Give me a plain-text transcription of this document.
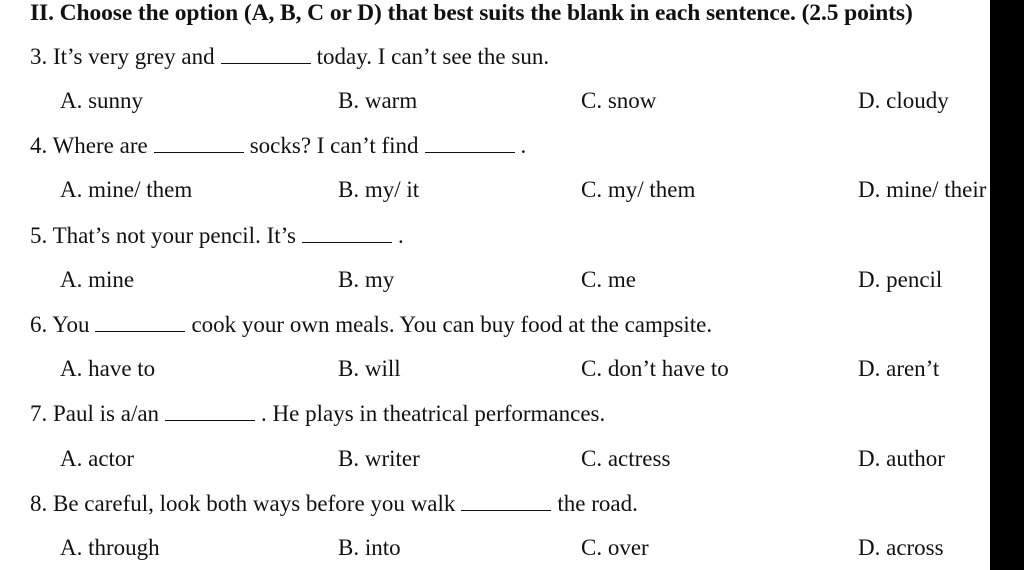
II. Choose the option (A, B, C or D) that best suits the blank in each sentence. (2.5 points)
3. It’s very grey and	today. I can’t see the sun.
A. sunny	B. warm	C. snow	D. cloudy
4. Where are	socks? I can’t find	.
A. mine/ them	B. my/ it	C. my/ them	D. mine/ their
5. That’s not your pencil. It’s	.
A. mine	B. my	C. me	D. pencil
6. You	cook your own meals. You can buy food at the campsite.
A. have to	B. will	C. don’t have to	D. aren’t
7. Paul is a/an	. He plays in theatrical performances.
A. actor	B. writer	C. actress	D. author
8. Be careful, look both ways before you walk	the road.
A. through	B. into	C. over	D. across
